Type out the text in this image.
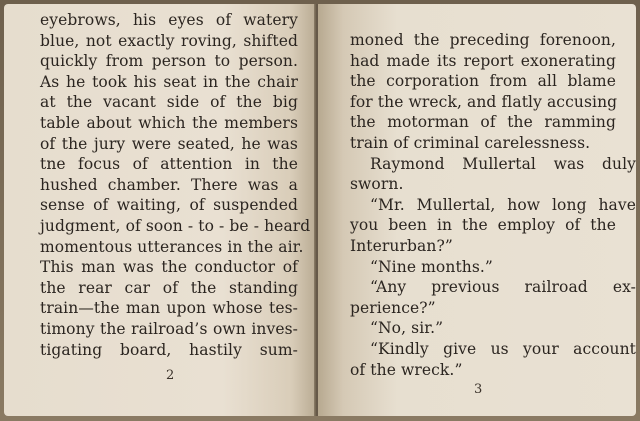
eyebrows, his eyes of watery
blue, not exactly roving, shifted
quickly from person to person.
As he took his seat in the chair
at the vacant side of the big
table about which the members
of the jury were seated, he was
tne focus of attention in the
hushed chamber. There was a
sense of waiting, of suspended
judgment, of soon - to - be - heard
momentous utterances in the air.
This man was the conductor of
the rear car of the standing
train—the man upon whose tes-
timony the railroad’s own inves-
tigating board, hastily sum-
2
moned the preceding forenoon,
had made its report exonerating
the corporation from all blame
for the wreck, and flatly accusing
the motorman of the ramming
train of criminal carelessness.
Raymond Mullertal was duly
sworn.
“Mr. Mullertal, how long have
you been in the employ of the
Interurban?”
“Nine months.”
“Any previous railroad ex-
perience?”
“No, sir.”
“Kindly give us your account
of the wreck.”
3
